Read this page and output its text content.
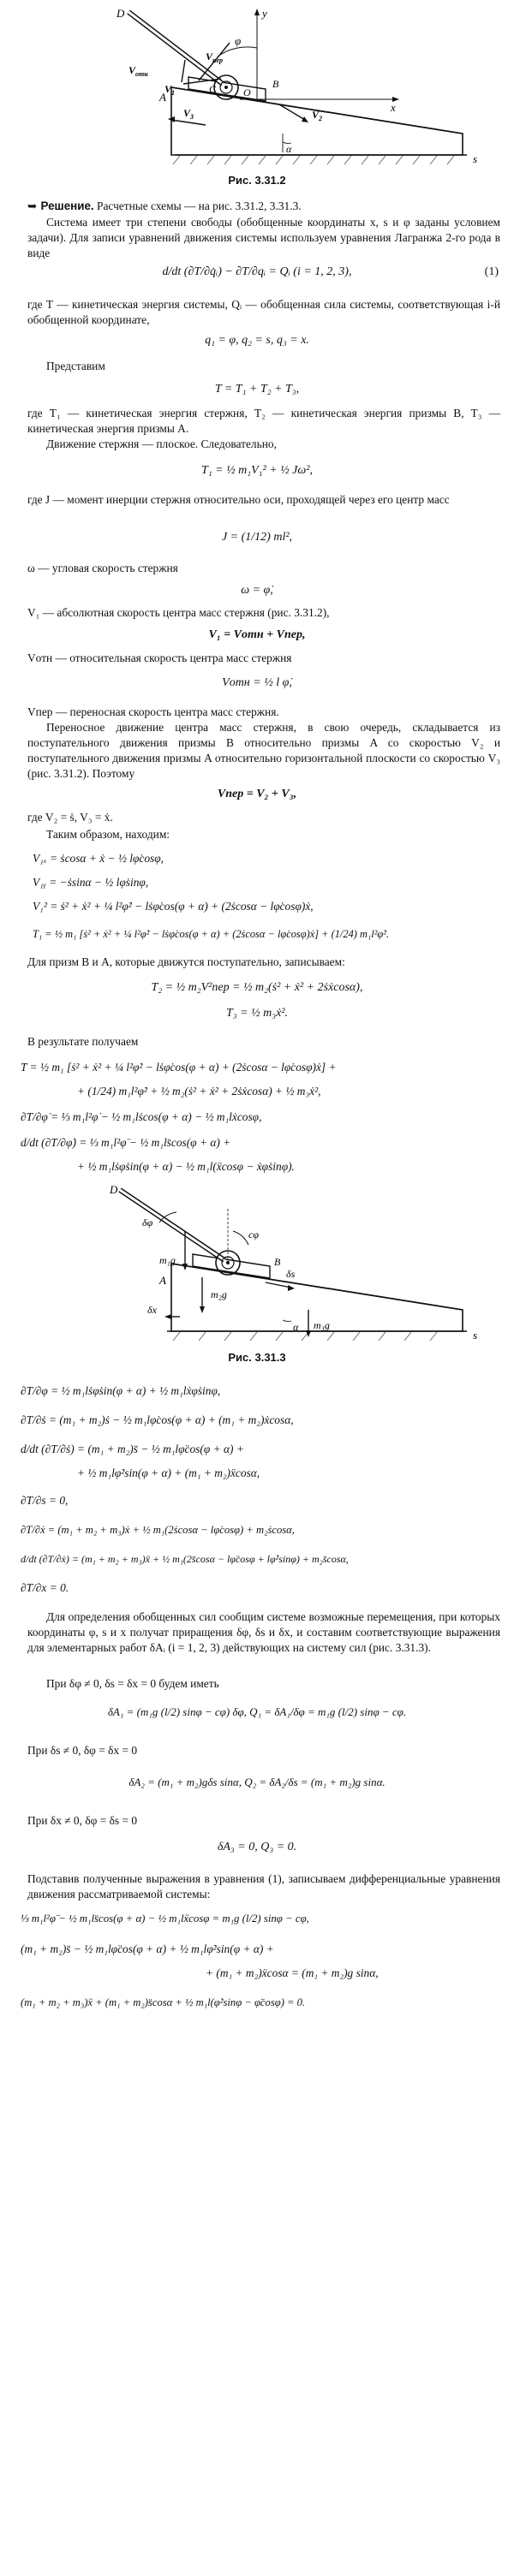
D
φ
y
$V_{пер}$
$V_{отн}$
$V_1$	C	O
B
x
A
$V_3$	$V_2$
α
s
Рис. 3.31.2

➥ Решение. Расчетные схемы — на рис. 3.31.2, 3.31.3.

Система имеет три степени свободы (обобщенные координаты x, s и φ заданы условием задачи). Для записи уравнений движения системы используем уравнения Лагранжа 2-го рода в виде

d/dt (∂T/∂q̇ᵢ) − ∂T/∂qᵢ = Qᵢ (i = 1, 2, 3),	(1)

где T — кинетическая энергия системы, Qᵢ — обобщенная сила системы, соответствующая i-й обобщенной координате,

q₁ = φ, q₂ = s, q₃ = x.

Представим

T = T₁ + T₂ + T₃,

где T₁ — кинетическая энергия стержня, T₂ — кинетическая энергия призмы B, T₃ — кинетическая энергия призмы A.

Движение стержня — плоское. Следовательно,

T₁ = ½ m₁V₁² + ½ Jω²,

где J — момент инерции стержня относительно оси, проходящей через его центр масс

J = (1/12) ml²,

ω — угловая скорость стержня

ω = φ̇,

V₁ — абсолютная скорость центра масс стержня (рис. 3.31.2),

V₁ = Vотн + Vпер,

Vотн — относительная скорость центра масс стержня

Vотн = ½ l φ̇,

Vпер — переносная скорость центра масс стержня.

Переносное движение центра масс стержня, в свою очередь, складывается из поступательного движения призмы B относительно призмы A со скоростью V₂ и поступательного движения призмы A относительно горизонтальной плоскости со скоростью V₃ (рис. 3.31.2). Поэтому

Vпер = V₂ + V₃,

где V₂ = ṡ, V₃ = ẋ.

Таким образом, находим:

V₁ₓ = ṡcosα + ẋ − ½ lφ̇cosφ,
V₁ᵧ = −ṡsinα − ½ lφ̇sinφ,
V₁² = ṡ² + ẋ² + ¼ l²φ̇² − lṡφ̇cos(φ + α) + (2ṡcosα − lφ̇cosφ)ẋ,
T₁ = ½ m₁ [ṡ² + ẋ² + ¼ l²φ̇² − lṡφ̇cos(φ + α) + (2ṡcosα − lφ̇cosφ)ẋ] + (1/24) m₁l²φ̇².

Для призм B и A, которые движутся поступательно, записываем:

T₂ = ½ m₂V²пер = ½ m₂(ṡ² + ẋ² + 2ṡẋcosα),
T₃ = ½ m₃ẋ².

В результате получаем

T = ½ m₁ [ṡ² + ẋ² + ¼ l²φ̇² − lṡφ̇cos(φ + α) + (2ṡcosα − lφ̇cosφ)ẋ] +
+ (1/24) m₁l²φ̇² + ½ m₂(ṡ² + ẋ² + 2ṡẋcosα) + ½ m₃ẋ²,
∂T/∂φ̇ = ⅓ m₁l²φ̇ − ½ m₁lṡcos(φ + α) − ½ m₁lẋcosφ,
d/dt (∂T/∂φ̇) = ⅓ m₁l²φ̈ − ½ m₁ls̈cos(φ + α) +
+ ½ m₁lṡφ̇sin(φ + α) − ½ m₁l(ẍcosφ − ẋφ̇sinφ).
D
δφ
cφ
m₁g
m₂g
δs
δx
A
B
m₃g
α
s
Рис. 3.31.3
∂T/∂φ = ½ m₁lṡφ̇sin(φ + α) + ½ m₁lẋφ̇sinφ,
∂T/∂ṡ = (m₁ + m₂)ṡ − ½ m₁lφ̇cos(φ + α) + (m₁ + m₂)ẋcosα,
d/dt (∂T/∂ṡ) = (m₁ + m₂)s̈ − ½ m₁lφ̈cos(φ + α) +
+ ½ m₁lφ̇²sin(φ + α) + (m₁ + m₂)ẍcosα,
∂T/∂s = 0,
∂T/∂ẋ = (m₁ + m₂ + m₃)ẋ + ½ m₁(2ṡcosα − lφ̇cosφ) + m₂ṡcosα,
d/dt (∂T/∂ẋ) = (m₁ + m₂ + m₃)ẍ + ½ m₁(2s̈cosα − lφ̈cosφ + lφ̇²sinφ) + m₂s̈cosα,
∂T/∂x = 0.

Для определения обобщенных сил сообщим системе возможные перемещения, при которых координаты φ, s и x получат приращения δφ, δs и δx, и составим соответствующие выражения для элементарных работ δAᵢ (i = 1, 2, 3) действующих на систему сил (рис. 3.31.3).

При δφ ≠ 0, δs = δx = 0 будем иметь

δA₁ = (m₁g (l/2) sinφ − cφ) δφ, Q₁ = δA₁/δφ = m₁g (l/2) sinφ − cφ.

При δs ≠ 0, δφ = δx = 0

δA₂ = (m₁ + m₂)gδs sinα, Q₂ = δA₂/δs = (m₁ + m₂)g sinα.

При δx ≠ 0, δφ = δs = 0

δA₃ = 0, Q₃ = 0.

Подставив полученные выражения в уравнения (1), записываем дифференциальные уравнения движения рассматриваемой системы:

⅓ m₁l²φ̈ − ½ m₁ls̈cos(φ + α) − ½ m₁lẍcosφ = m₁g (l/2) sinφ − cφ,
(m₁ + m₂)s̈ − ½ m₁lφ̈cos(φ + α) + ½ m₁lφ̇²sin(φ + α) +
+ (m₁ + m₂)ẍcosα = (m₁ + m₂)g sinα,
(m₁ + m₂ + m₃)ẍ + (m₁ + m₂)s̈cosα + ½ m₁l(φ̇²sinφ − φ̈cosφ) = 0.
